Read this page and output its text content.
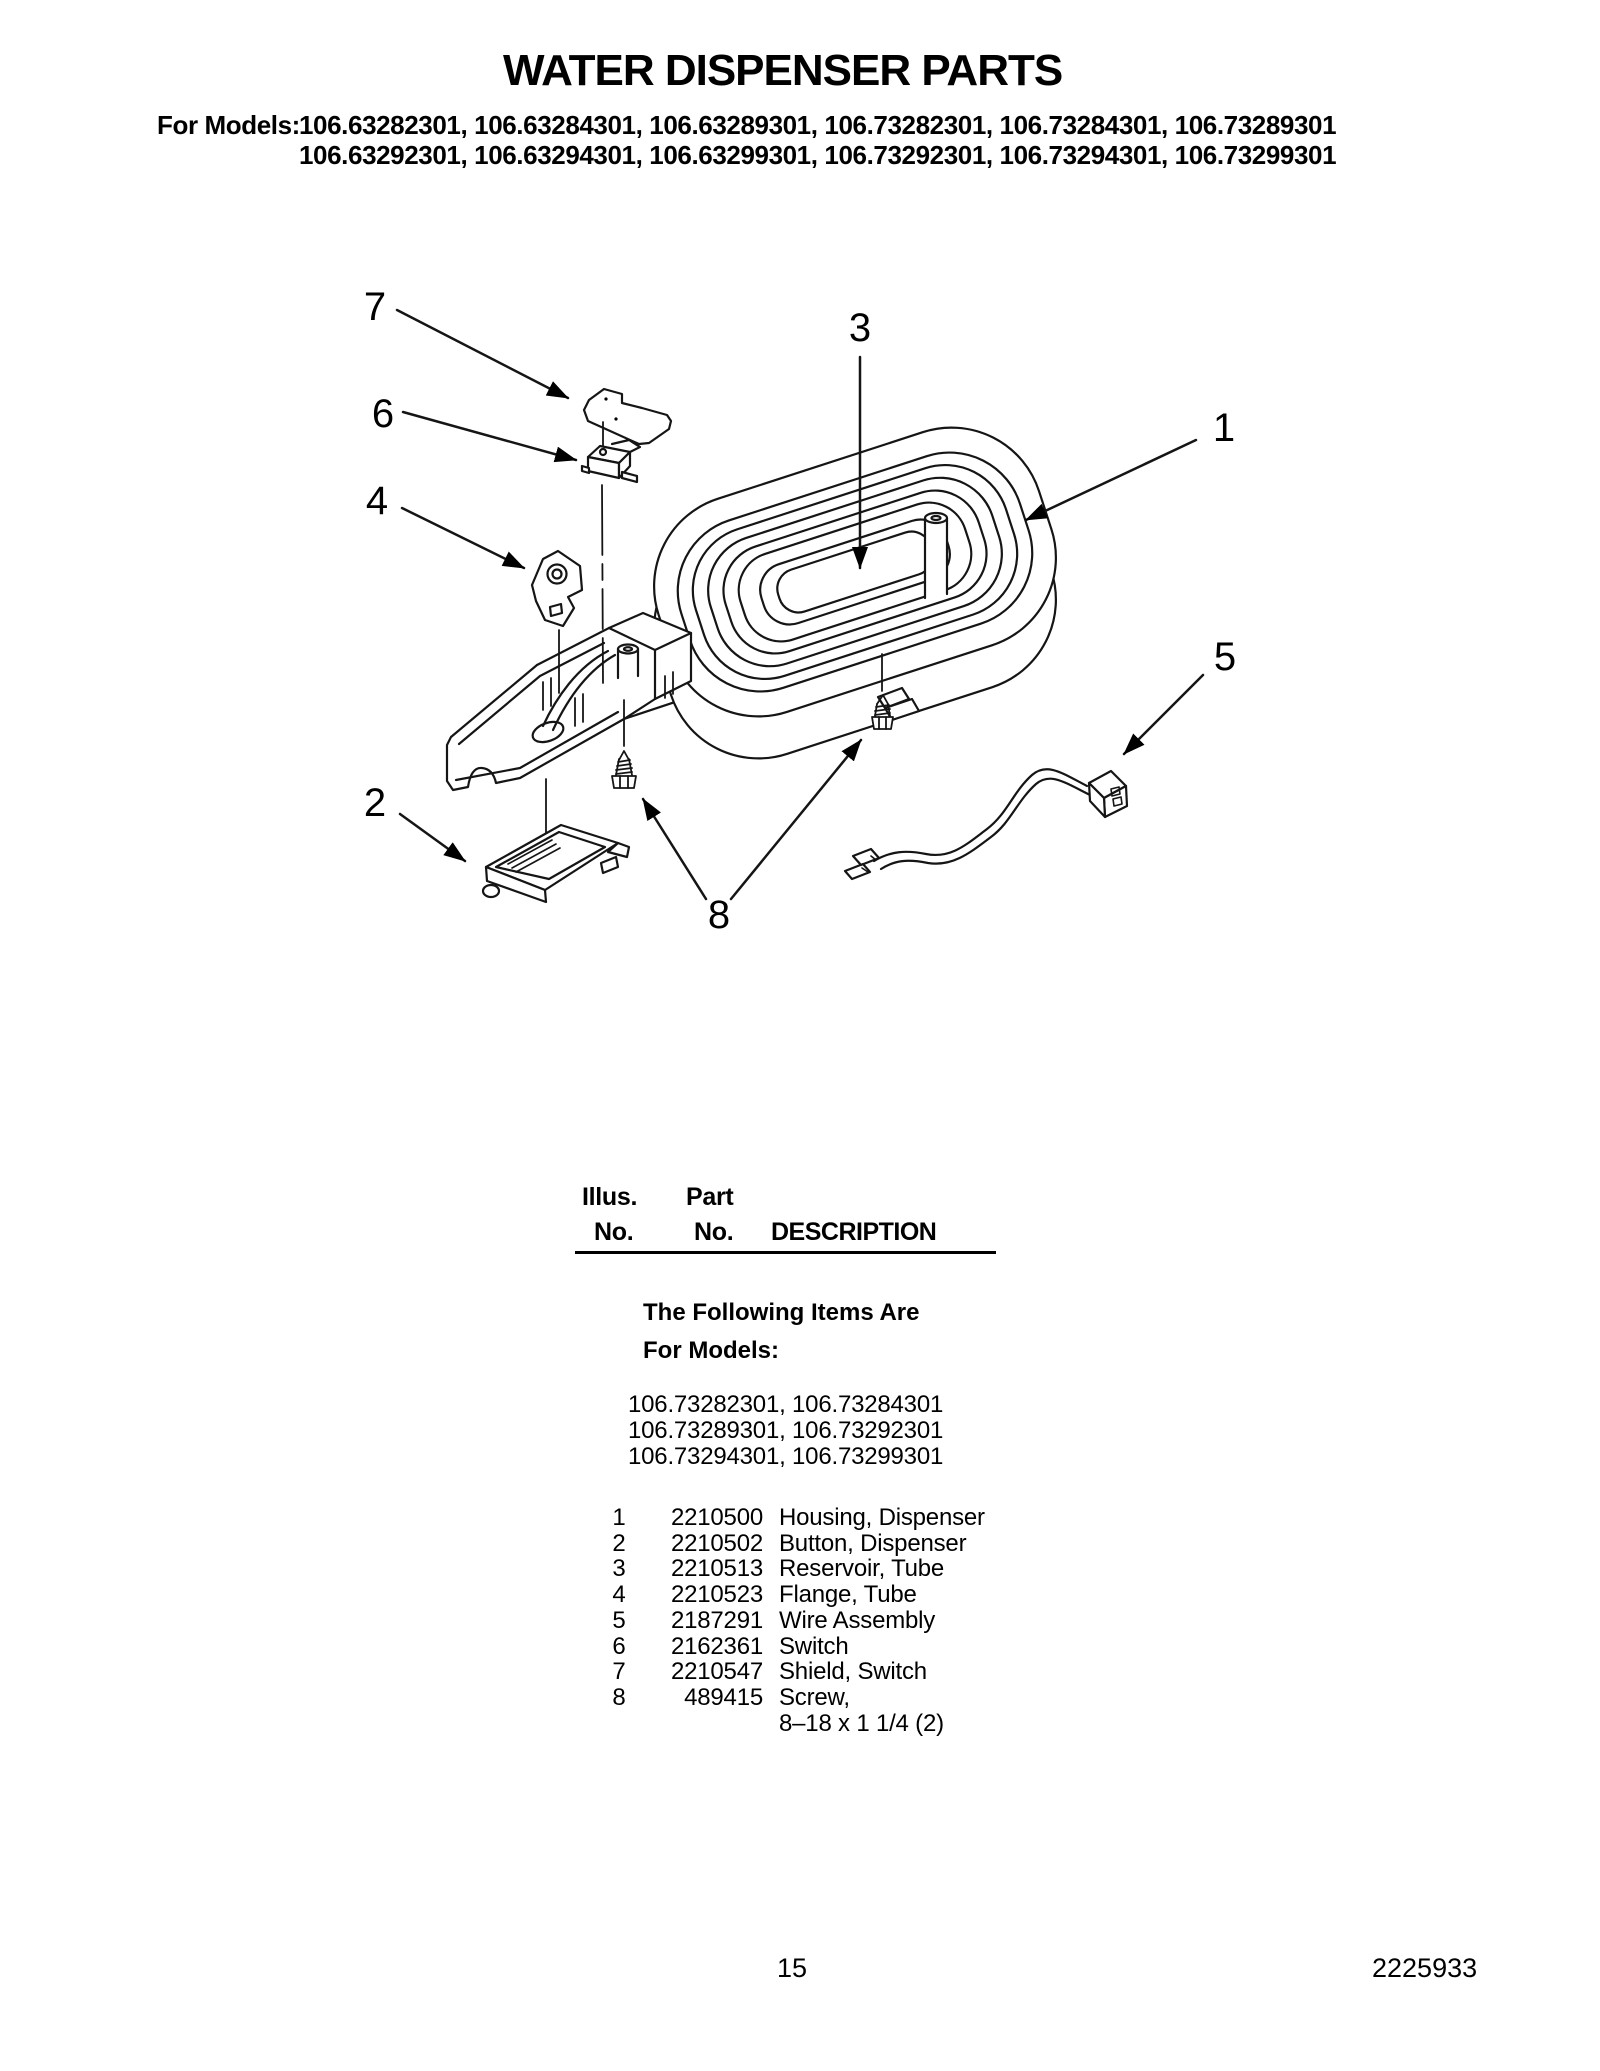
WATER DISPENSER PARTS
For Models: 106.63282301, 106.63284301, 106.63289301, 106.73282301, 106.73284301, 106.73289301
106.63292301, 106.63294301, 106.63299301, 106.73292301, 106.73294301, 106.73299301
7
6
4
2
3
1
5
8
Illus. Part
No. No. DESCRIPTION
The Following Items Are
For Models:
106.73282301, 106.73284301
106.73289301, 106.73292301
106.73294301, 106.73299301
1	2210500 Housing, Dispenser
2	2210502 Button, Dispenser
3	2210513 Reservoir, Tube
4	2210523 Flange, Tube
5	2187291 Wire Assembly
6	2162361 Switch
7	2210547 Shield, Switch
8	489415 Screw,
8–18 x 1 1/4 (2)
15	2225933
